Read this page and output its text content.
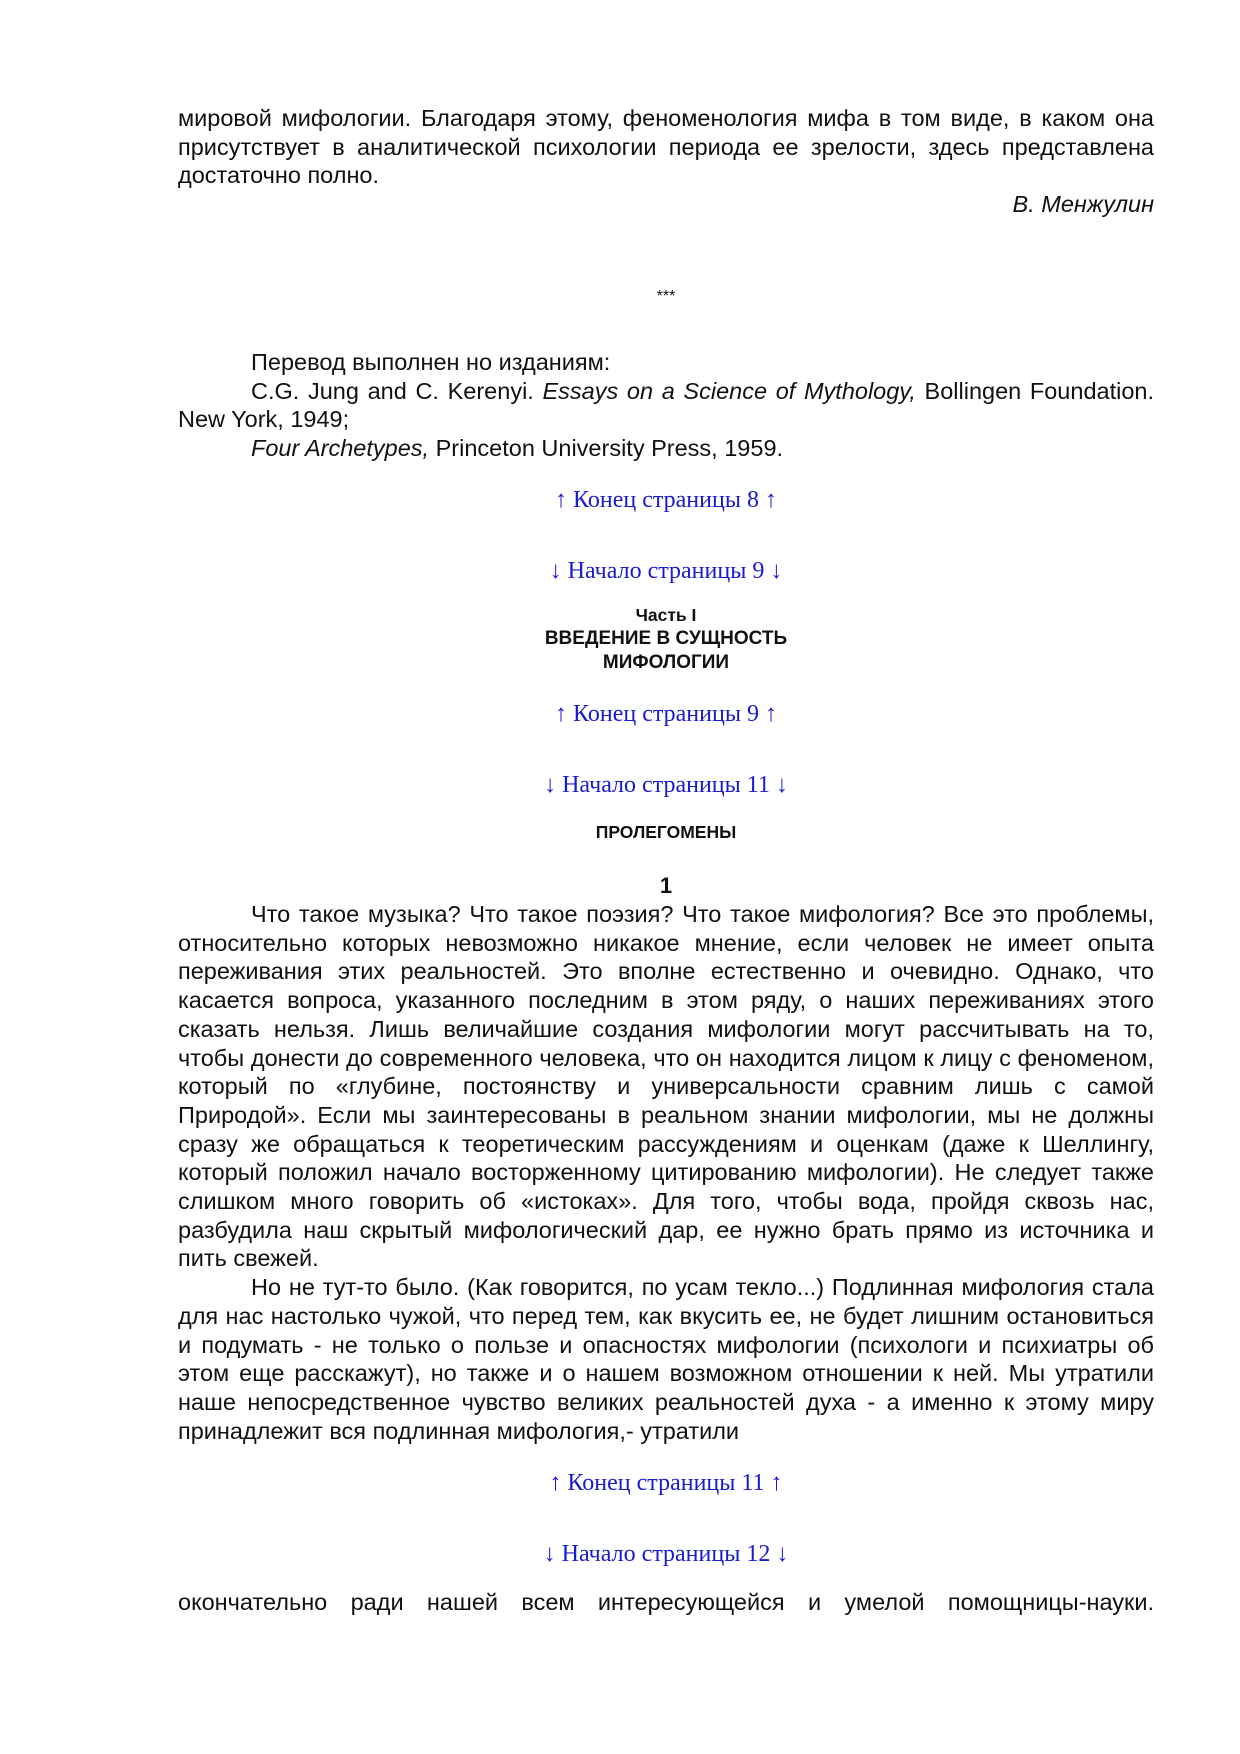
мировой мифологии. Благодаря этому, феноменология мифа в том виде, в каком она присутствует в аналитической психологии периода ее зрелости, здесь представлена достаточно полно.

В. Менжулин
***

Перевод выполнен но изданиям:

C.G. Jung and C. Kerenyi. Essays on a Science of Mythology, Bollingen Foundation. New York, 1949;

Four Archetypes, Princeton University Press, 1959.

↑ Конец страницы 8 ↑
↓ Начало страницы 9 ↓
Часть I
ВВЕДЕНИЕ В СУЩНОСТЬ
МИФОЛОГИИ
↑ Конец страницы 9 ↑
↓ Начало страницы 11 ↓
ПРОЛЕГОМЕНЫ
1

Что такое музыка? Что такое поэзия? Что такое мифология? Все это проблемы, относительно которых невозможно никакое мнение, если человек не имеет опыта переживания этих реальностей. Это вполне естественно и очевидно. Однако, что касается вопроса, указанного последним в этом ряду, о наших переживаниях этого сказать нельзя. Лишь величайшие создания мифологии могут рассчитывать на то, чтобы донести до современного человека, что он находится лицом к лицу с феноменом, который по «глубине, постоянству и универсальности сравним лишь с самой Природой». Если мы заинтересованы в реальном знании мифологии, мы не должны сразу же обращаться к теоретическим рассуждениям и оценкам (даже к Шеллингу, который положил начало восторженному цитированию мифологии). Не следует также слишком много говорить об «истоках». Для того, чтобы вода, пройдя сквозь нас, разбудила наш скрытый мифологический дар, ее нужно брать прямо из источника и пить свежей.

Но не тут-то было. (Как говорится, по усам текло...) Подлинная мифология стала для нас настолько чужой, что перед тем, как вкусить ее, не будет лишним остановиться и подумать - не только о пользе и опасностях мифологии (психологи и психиатры об этом еще расскажут), но также и о нашем возможном отношении к ней. Мы утратили наше непосредственное чувство великих реальностей духа - а именно к этому миру принадлежит вся подлинная мифология,- утратили

↑ Конец страницы 11 ↑
↓ Начало страницы 12 ↓

окончательно ради нашей всем интересующейся и умелой помощницы-науки.
